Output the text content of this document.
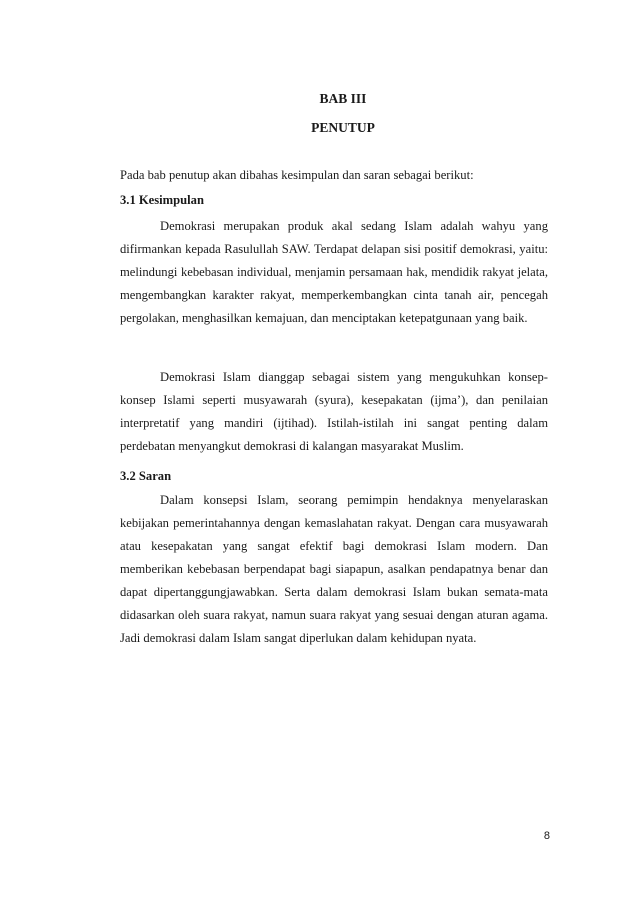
BAB III
PENUTUP

Pada bab penutup akan dibahas kesimpulan dan saran sebagai berikut:

3.1 Kesimpulan

Demokrasi merupakan produk akal sedang Islam adalah wahyu yang difirmankan kepada Rasulullah SAW. Terdapat delapan sisi positif demokrasi, yaitu: melindungi kebebasan individual, menjamin persamaan hak, mendidik rakyat jelata, mengembangkan karakter rakyat, memperkembangkan cinta tanah air, pencegah pergolakan, menghasilkan kemajuan, dan menciptakan ketepatgunaan yang baik.

Demokrasi Islam dianggap sebagai sistem yang mengukuhkan konsep-konsep Islami seperti musyawarah (syura), kesepakatan (ijma’), dan penilaian interpretatif yang mandiri (ijtihad). Istilah-istilah ini sangat penting dalam perdebatan menyangkut demokrasi di kalangan masyarakat Muslim.

3.2 Saran

Dalam konsepsi Islam, seorang pemimpin hendaknya menyelaraskan kebijakan pemerintahannya dengan kemaslahatan rakyat. Dengan cara musyawarah atau kesepakatan yang sangat efektif bagi demokrasi Islam modern. Dan memberikan kebebasan berpendapat bagi siapapun, asalkan pendapatnya benar dan dapat dipertanggungjawabkan. Serta dalam demokrasi Islam bukan semata-mata didasarkan oleh suara rakyat, namun suara rakyat yang sesuai dengan aturan agama. Jadi demokrasi dalam Islam sangat diperlukan dalam kehidupan nyata.

8
